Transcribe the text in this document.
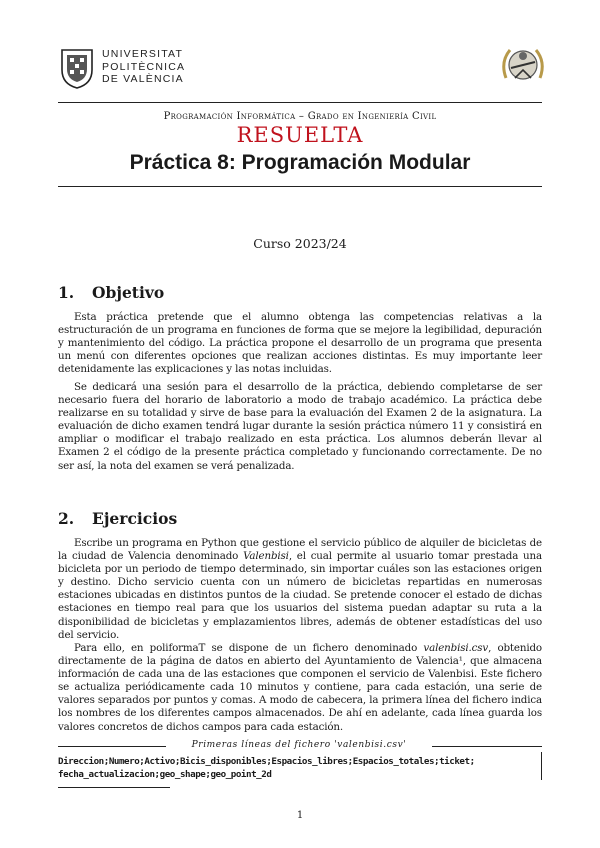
UNIVERSITAT
POLITÈCNICA
DE VALÈNCIA
Programación Informática – Grado en Ingeniería Civil
RESUELTA
Práctica 8: Programación Modular
Curso 2023/24
1. Objetivo
Esta práctica pretende que el alumno obtenga las competencias relativas a la estructuración de un programa en funciones de forma que se mejore la legibilidad, depuración y mantenimiento del código. La práctica propone el desarrollo de un programa que presenta un menú con diferentes opciones que realizan acciones distintas. Es muy importante leer detenidamente las explicaciones y las notas incluidas.
Se dedicará una sesión para el desarrollo de la práctica, debiendo completarse de ser necesario fuera del horario de laboratorio a modo de trabajo académico. La práctica debe realizarse en su totalidad y sirve de base para la evaluación del Examen 2 de la asignatura. La evaluación de dicho examen tendrá lugar durante la sesión práctica número 11 y consistirá en ampliar o modificar el trabajo realizado en esta práctica. Los alumnos deberán llevar al Examen 2 el código de la presente práctica completado y funcionando correctamente. De no ser así, la nota del examen se verá penalizada.
2. Ejercicios
Escribe un programa en Python que gestione el servicio público de alquiler de bicicletas de la ciudad de Valencia denominado Valenbisi, el cual permite al usuario tomar prestada una bicicleta por un periodo de tiempo determinado, sin importar cuáles son las estaciones origen y destino. Dicho servicio cuenta con un número de bicicletas repartidas en numerosas estaciones ubicadas en distintos puntos de la ciudad. Se pretende conocer el estado de dichas estaciones en tiempo real para que los usuarios del sistema puedan adaptar su ruta a la disponibilidad de bicicletas y emplazamientos libres, además de obtener estadísticas del uso del servicio.
Para ello, en poliformaT se dispone de un fichero denominado valenbisi.csv, obtenido directamente de la página de datos en abierto del Ayuntamiento de Valencia¹, que almacena información de cada una de las estaciones que componen el servicio de Valenbisi. Este fichero se actualiza periódicamente cada 10 minutos y contiene, para cada estación, una serie de valores separados por puntos y comas. A modo de cabecera, la primera línea del fichero indica los nombres de los diferentes campos almacenados. De ahí en adelante, cada línea guarda los valores concretos de dichos campos para cada estación.
Primeras líneas del fichero 'valenbisi.csv'
Direccion;Numero;Activo;Bicis_disponibles;Espacios_libres;Espacios_totales;ticket;
fecha_actualizacion;geo_shape;geo_point_2d
1
